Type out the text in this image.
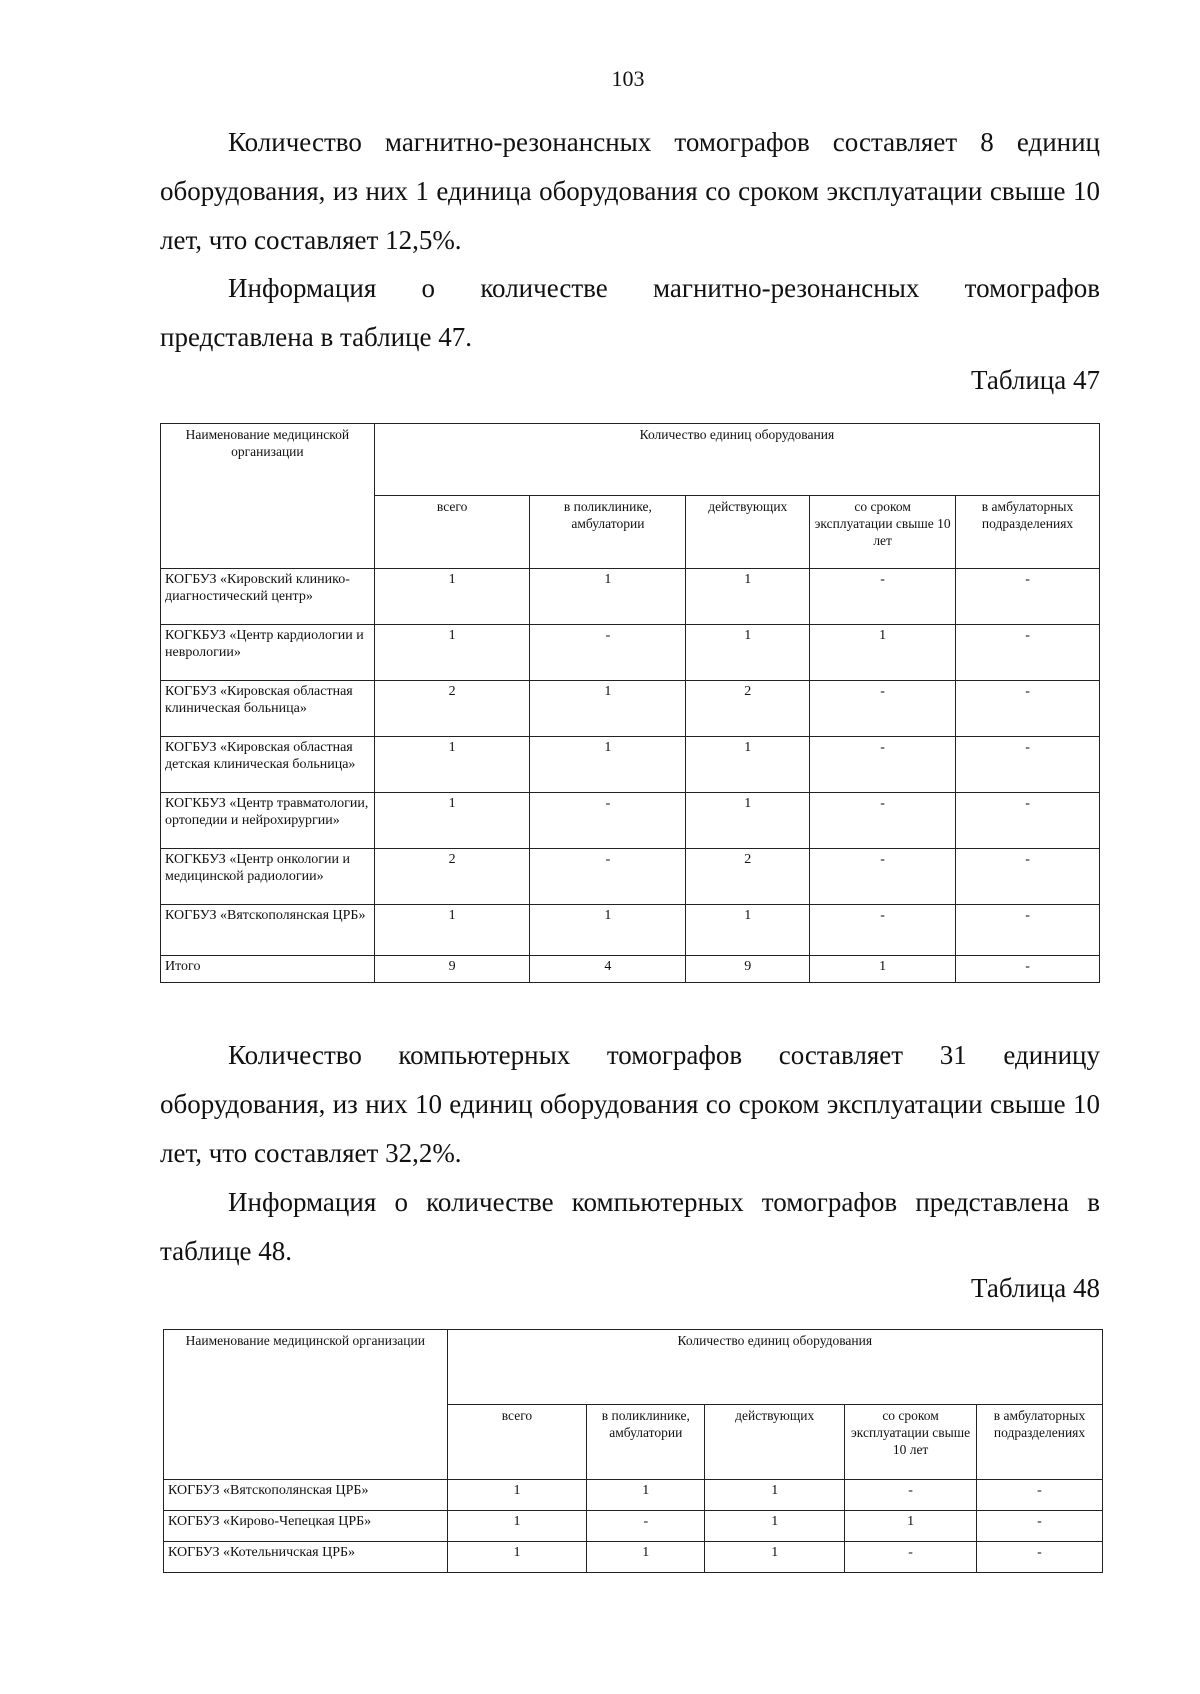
103

Количество магнитно-резонансных томографов составляет 8 единиц оборудования, из них 1 единица оборудования со сроком эксплуатации свыше 10 лет, что составляет 12,5%.

Информация о количестве магнитно-резонансных томографов представлена в таблице 47.

Таблица 47
Наименование медицинской организации	Количество единиц оборудования				
	всего	в поликлинике, амбулатории	действующих	со сроком эксплуатации свыше 10 лет	в амбулаторных подразделениях
КОГБУЗ «Кировский клинико-диагностический центр»	1	1	1	-	-
КОГКБУЗ «Центр кардиологии и неврологии»	1	-	1	1	-
КОГБУЗ «Кировская областная клиническая больница»	2	1	2	-	-
КОГБУЗ «Кировская областная детская клиническая больница»	1	1	1	-	-
КОГКБУЗ «Центр травматологии, ортопедии и нейрохирургии»	1	-	1	-	-
КОГКБУЗ «Центр онкологии и медицинской радиологии»	2	-	2	-	-
КОГБУЗ «Вятскополянская ЦРБ»	1	1	1	-	-
Итого	9	4	9	1	-

Количество компьютерных томографов составляет 31 единицу оборудования, из них 10 единиц оборудования со сроком эксплуатации свыше 10 лет, что составляет 32,2%.

Информация о количестве компьютерных томографов представлена в таблице 48.

Таблица 48
Наименование медицинской организации	Количество единиц оборудования				
	всего	в поликлинике, амбулатории	действующих	со сроком эксплуатации свыше 10 лет	в амбулаторных подразделениях
КОГБУЗ «Вятскополянская ЦРБ»	1	1	1	-	-
КОГБУЗ «Кирово-Чепецкая ЦРБ»	1	-	1	1	-
КОГБУЗ «Котельничская ЦРБ»	1	1	1	-	-
